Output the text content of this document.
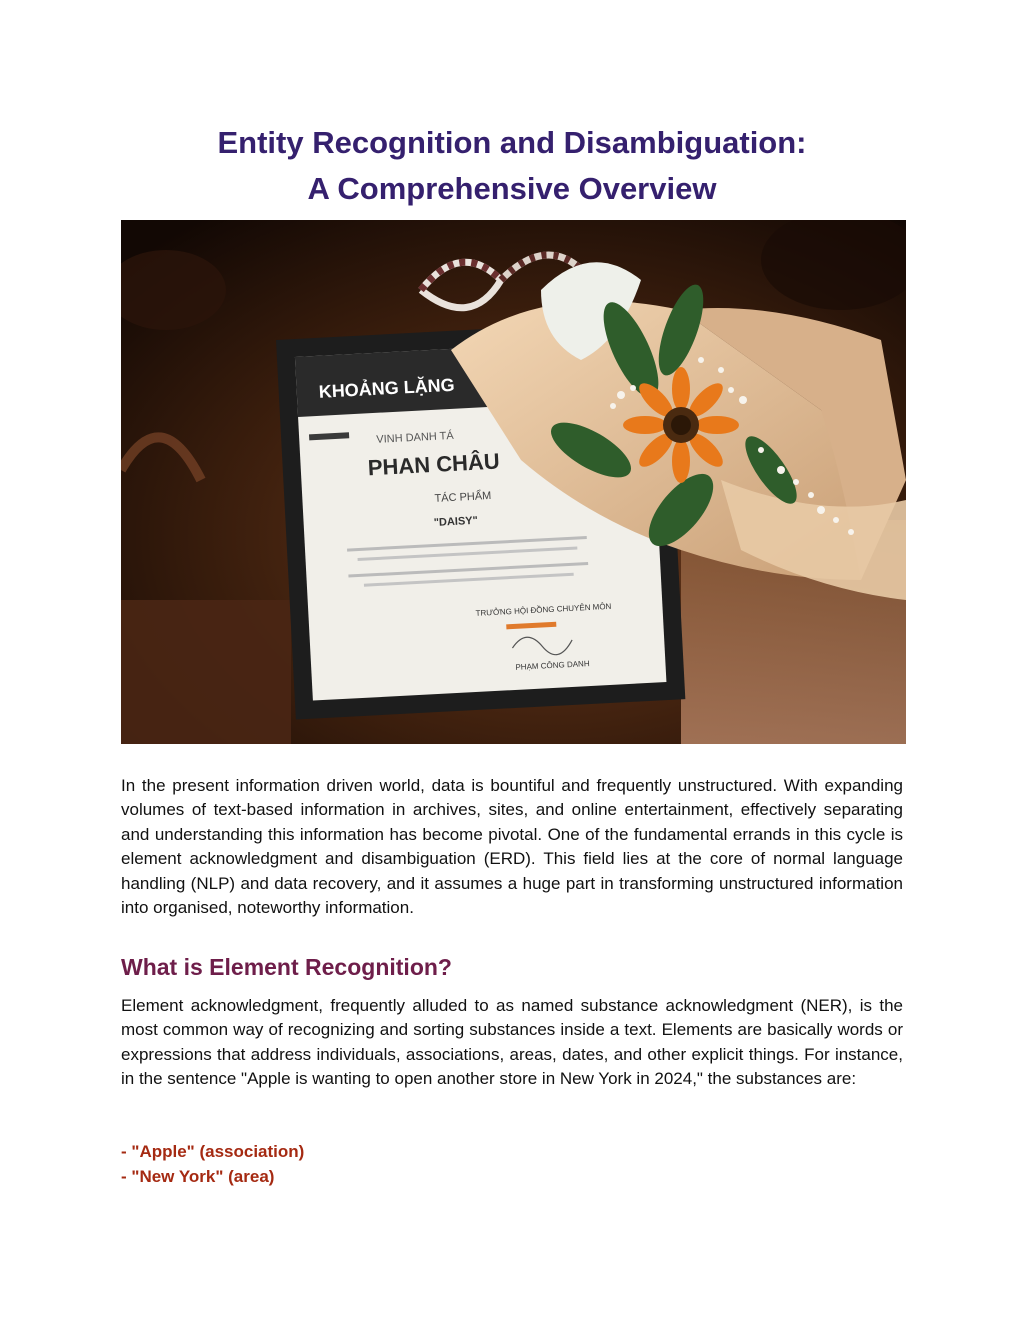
Entity Recognition and Disambiguation:
A Comprehensive Overview
KHOẢNG LẶNG
VINH DANH TÁ
PHAN CHÂU
TÁC PHẨM
"DAISY"
TRƯỞNG HỘI ĐỒNG CHUYÊN MÔN
PHẠM CÔNG DANH

In the present information driven world, data is bountiful and frequently unstructured. With expanding volumes of text-based information in archives, sites, and online entertainment, effectively separating and understanding this information has become pivotal. One of the fundamental errands in this cycle is element acknowledgment and disambiguation (ERD). This field lies at the core of normal language handling (NLP) and data recovery, and it assumes a huge part in transforming unstructured information into organised, noteworthy information.

What is Element Recognition?

Element acknowledgment, frequently alluded to as named substance acknowledgment (NER), is the most common way of recognizing and sorting substances inside a text. Elements are basically words or expressions that address individuals, associations, areas, dates, and other explicit things. For instance, in the sentence "Apple is wanting to open another store in New York in 2024," the substances are:

- "Apple" (association)
- "New York" (area)
